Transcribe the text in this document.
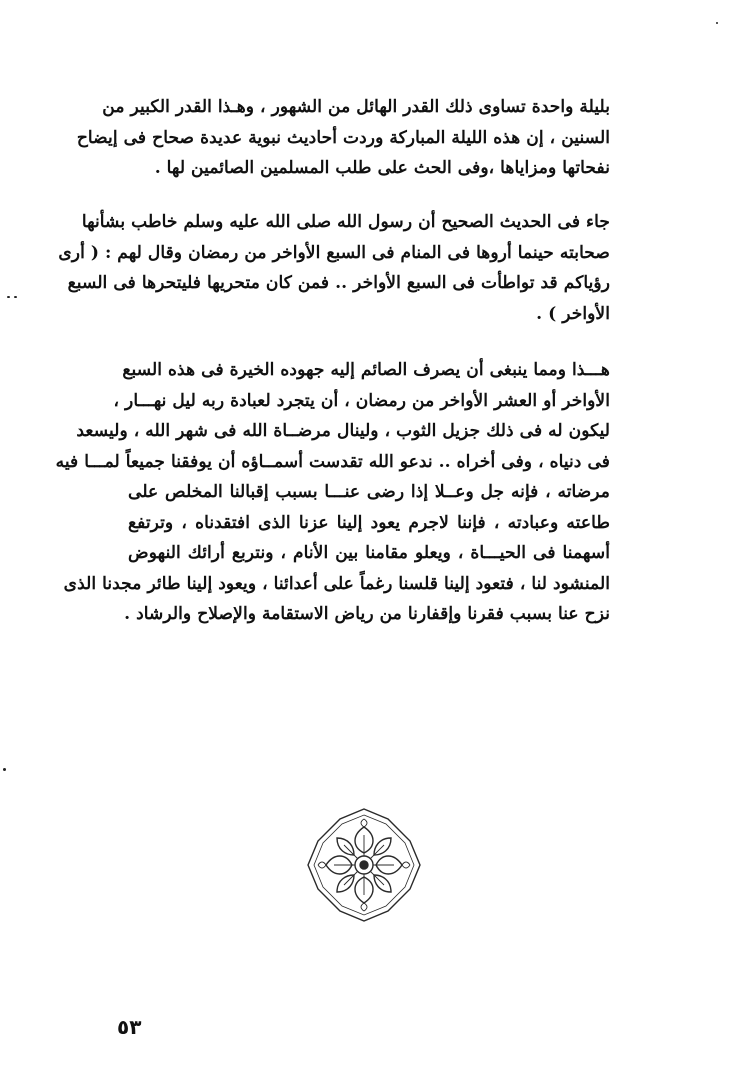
بليلة واحدة تساوى ذلك القدر الهائل من الشهور ، وهـذا القدر الكبير من
السنين ، إن هذه الليلة المباركة وردت أحاديث نبوية عديدة صحاح فى إيضاح
نفحاتها ومزاياها ،وفى الحث على طلب المسلمين الصائمين لها .

جاء فى الحديث الصحيح أن رسول الله صلى الله عليه وسلم خاطب بشأنها
صحابته حينما أروها فى المنام فى السبع الأواخر من رمضان وقال لهم : ( أرى
رؤياكم قد تواطأت فى السبع الأواخر .. فمن كان متحريها فليتحرها فى السبع
الأواخر ) .

هـــذا ومما ينبغى أن يصرف الصائم إليه جهوده الخيرة فى هذه السبع
الأواخر أو العشر الأواخر من رمضان ، أن يتجرد لعبادة ربه ليل نهـــار ،
ليكون له فى ذلك جزيل الثوب ، ولينال مرضــاة الله فى شهر الله ، وليسعد
فى دنياه ، وفى أخراه .. ندعو الله تقدست أسمــاؤه أن يوفقنا جميعاً لمـــا فيه
مرضاته ، فإنه جل وعــلا إذا رضى عنـــا بسبب إقبالنا المخلص على
طاعته وعبادته ، فإننا لاجرم يعود إلينا عزنا الذى افتقدناه ، وترتفع
أسهمنا فى الحيـــاة ، ويعلو مقامنا بين الأنام ، ونتربع أرائك النهوض
المنشود لنا ، فتعود إلينا قلسنا رغماً على أعدائنا ، ويعود إلينا طائر مجدنا الذى
نزح عنا بسبب فقرنا وإقفارنا من رياض الاستقامة والإصلاح والرشاد .

٥٣
